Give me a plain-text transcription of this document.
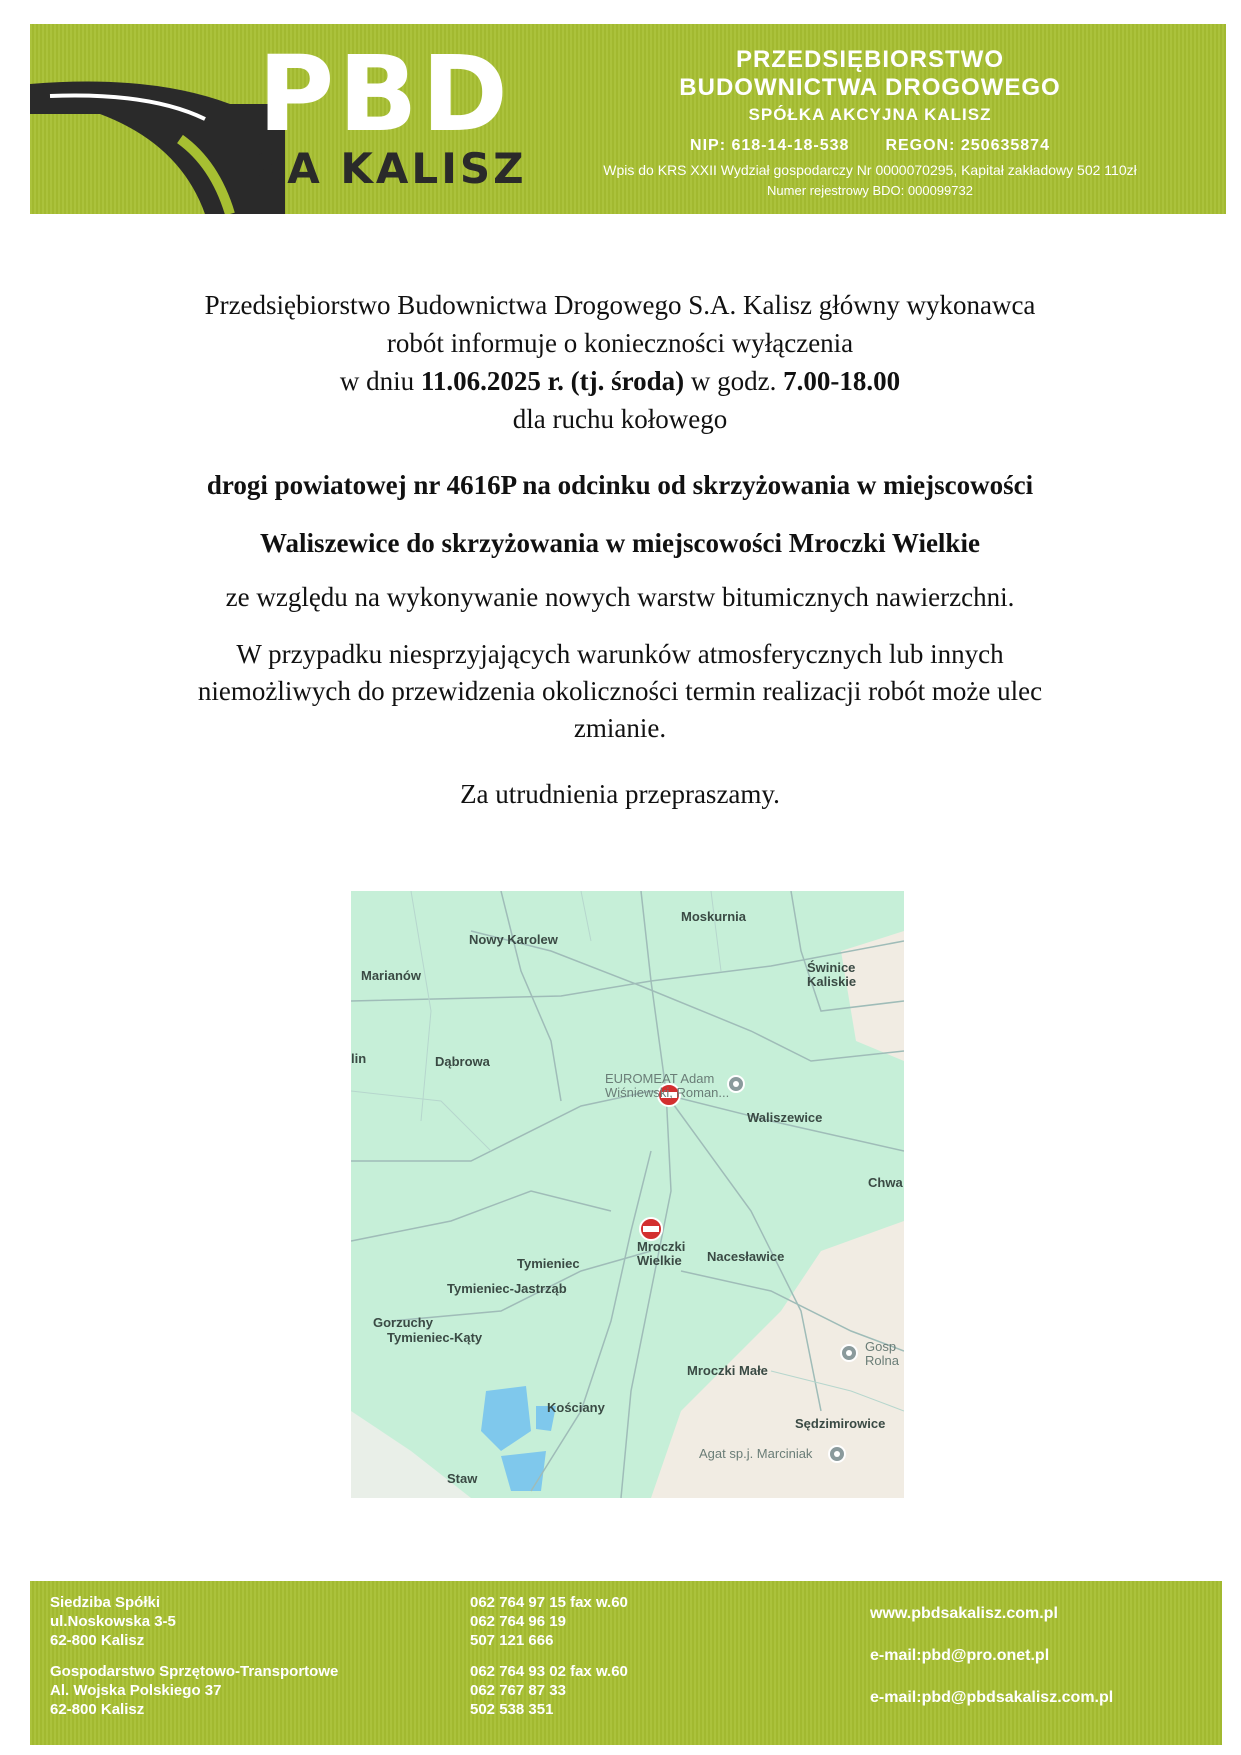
PBD
SA KALISZ
PRZEDSIĘBIORSTWO
BUDOWNICTWA DROGOWEGO
SPÓŁKA AKCYJNA KALISZ
NIP: 618-14-18-538 REGON: 250635874
Wpis do KRS XXII Wydział gospodarczy Nr 0000070295, Kapitał zakładowy 502 110zł
Numer rejestrowy BDO: 000099732

Przedsiębiorstwo Budownictwa Drogowego S.A. Kalisz główny wykonawca

robót informuje o konieczności wyłączenia

w dniu 11.06.2025 r. (tj. środa) w godz. 7.00-18.00

dla ruchu kołowego

drogi powiatowej nr 4616P na odcinku od skrzyżowania w miejscowości

Waliszewice do skrzyżowania w miejscowości Mroczki Wielkie

ze względu na wykonywanie nowych warstw bitumicznych nawierzchni.

W przypadku niesprzyjających warunków atmosferycznych lub innych

niemożliwych do przewidzenia okoliczności termin realizacji robót może ulec

zmianie.

Za utrudnienia przepraszamy.

Moskurnia
Nowy Karolew
Marianów
Świnice Kaliskie
lin	Dąbrowa
EUROMEAT Adam Wiśniewski, Roman...
Waliszewice
Chwa
Mroczki Wielkie	Nacesławice
Tymieniec
Tymieniec-Jastrząb
Gorzuchy
Tymieniec-Kąty
Gosp Rolna
Mroczki Małe
Kościany
Sędzimirowice
Agat sp.j. Marciniak
Staw
Siedziba Spółki
ul.Noskowska 3-5
62-800 Kalisz
Gospodarstwo Sprzętowo-Transportowe
Al. Wojska Polskiego 37
62-800 Kalisz
062 764 97 15 fax w.60
062 764 96 19
507 121 666
062 764 93 02 fax w.60
062 767 87 33
502 538 351
www.pbdsakalisz.com.pl
e-mail:pbd@pro.onet.pl
e-mail:pbd@pbdsakalisz.com.pl
